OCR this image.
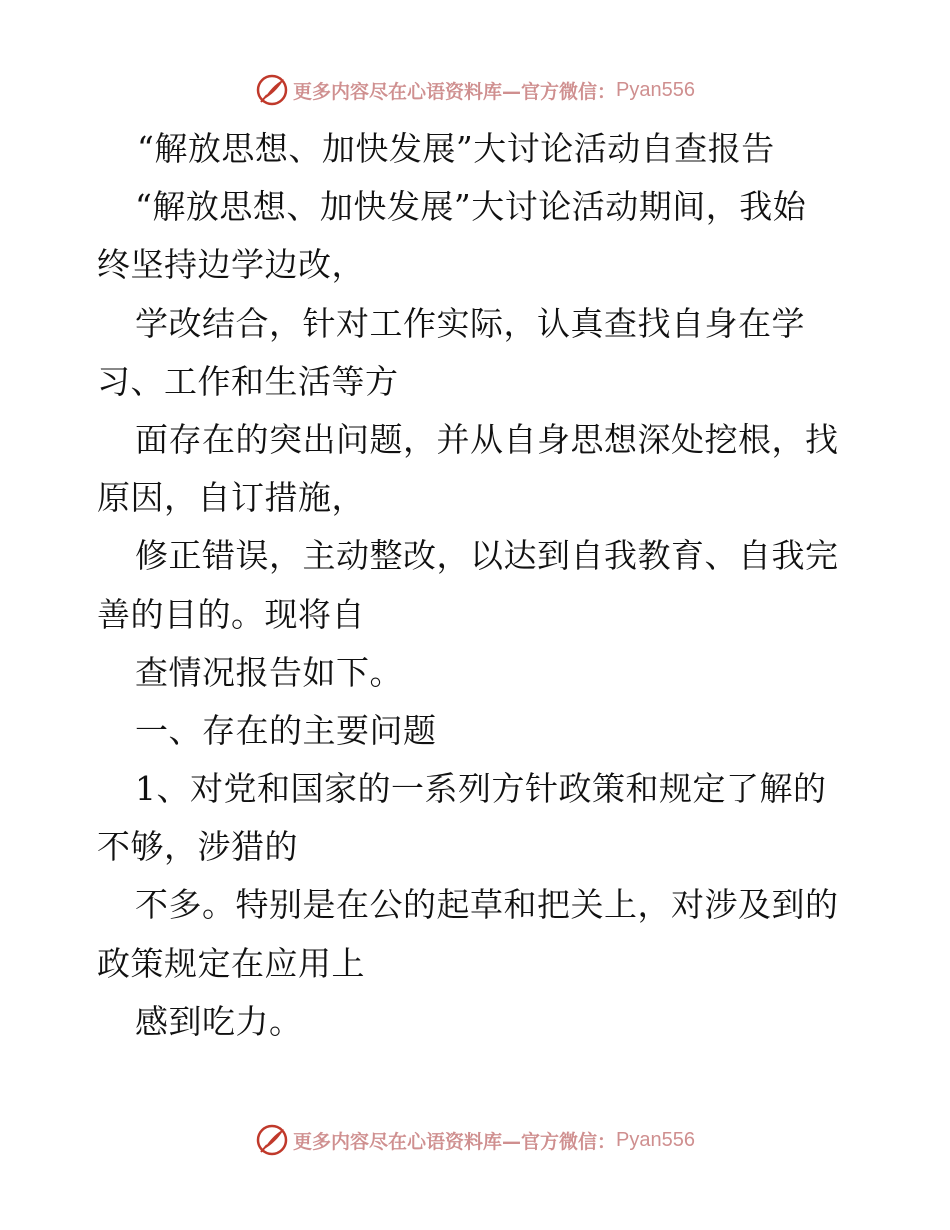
更多内容尽在心语资料库—官方微信： Pyan556
“解放思想、加快发展”大讨论活动自查报告
“解放思想、加快发展”大讨论活动期间，我始
终坚持边学边改，
学改结合，针对工作实际，认真查找自身在学
习、工作和生活等方
面存在的突出问题，并从自身思想深处挖根，找
原因，自订措施，
修正错误，主动整改，以达到自我教育、自我完
善的目的。现将自
查情况报告如下。
一、存在的主要问题
1、对党和国家的一系列方针政策和规定了解的
不够，涉猎的
不多。特别是在公的起草和把关上，对涉及到的
政策规定在应用上
感到吃力。
更多内容尽在心语资料库—官方微信： Pyan556
